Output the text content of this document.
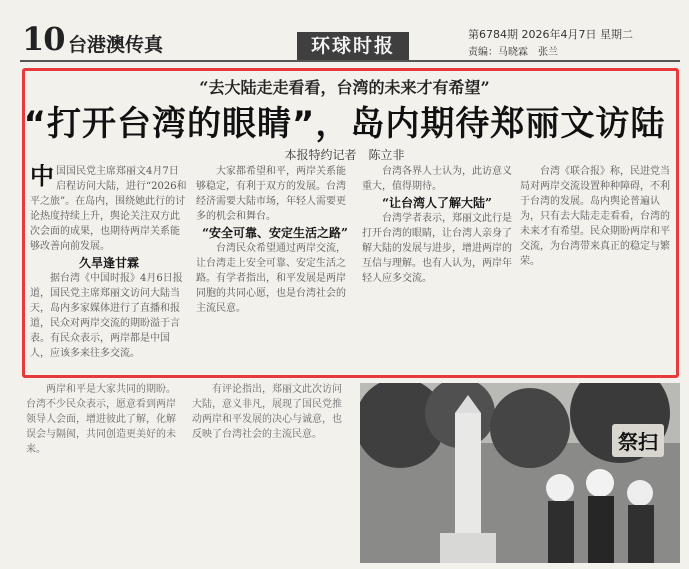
10 台港澳传真	环球时报
第6784期 2026年4月7日 星期二
责编：马晓霖　张兰
“去大陆走走看看，台湾的未来才有希望”
“打开台湾的眼睛”，岛内期待郑丽文访陆
本报特约记者　陈立非

中国国民党主席郑丽文4月7日启程访问大陆，进行“2026和平之旅”。在岛内，围绕她此行的讨论热度持续上升，舆论关注双方此次会面的成果，也期待两岸关系能够改善向前发展。

久旱逢甘霖

据台湾《中国时报》4月6日报道，国民党主席郑丽文访问大陆当天，岛内多家媒体进行了直播和报道，民众对两岸交流的期盼溢于言表。有民众表示，两岸都是中国人，应该多来往多交流。

大家都希望和平，两岸关系能够稳定，有利于双方的发展。台湾经济需要大陆市场，年轻人需要更多的机会和舞台。

“安全可靠、安定生活之路”

台湾民众希望通过两岸交流，让台湾走上安全可靠、安定生活之路。有学者指出，和平发展是两岸同胞的共同心愿，也是台湾社会的主流民意。

台湾各界人士认为，此访意义重大，值得期待。

“让台湾人了解大陆”

台湾学者表示，郑丽文此行是打开台湾的眼睛，让台湾人亲身了解大陆的发展与进步，增进两岸的互信与理解。也有人认为，两岸年轻人应多交流。

台湾《联合报》称，民进党当局对两岸交流设置种种障碍，不利于台湾的发展。岛内舆论普遍认为，只有去大陆走走看看，台湾的未来才有希望。民众期盼两岸和平交流，为台湾带来真正的稳定与繁荣。

两岸和平是大家共同的期盼。台湾不少民众表示，愿意看到两岸领导人会面，增进彼此了解，化解误会与隔阂，共同创造更美好的未来。

有评论指出，郑丽文此次访问大陆，意义非凡，展现了国民党推动两岸和平发展的决心与诚意，也反映了台湾社会的主流民意。	祭扫
